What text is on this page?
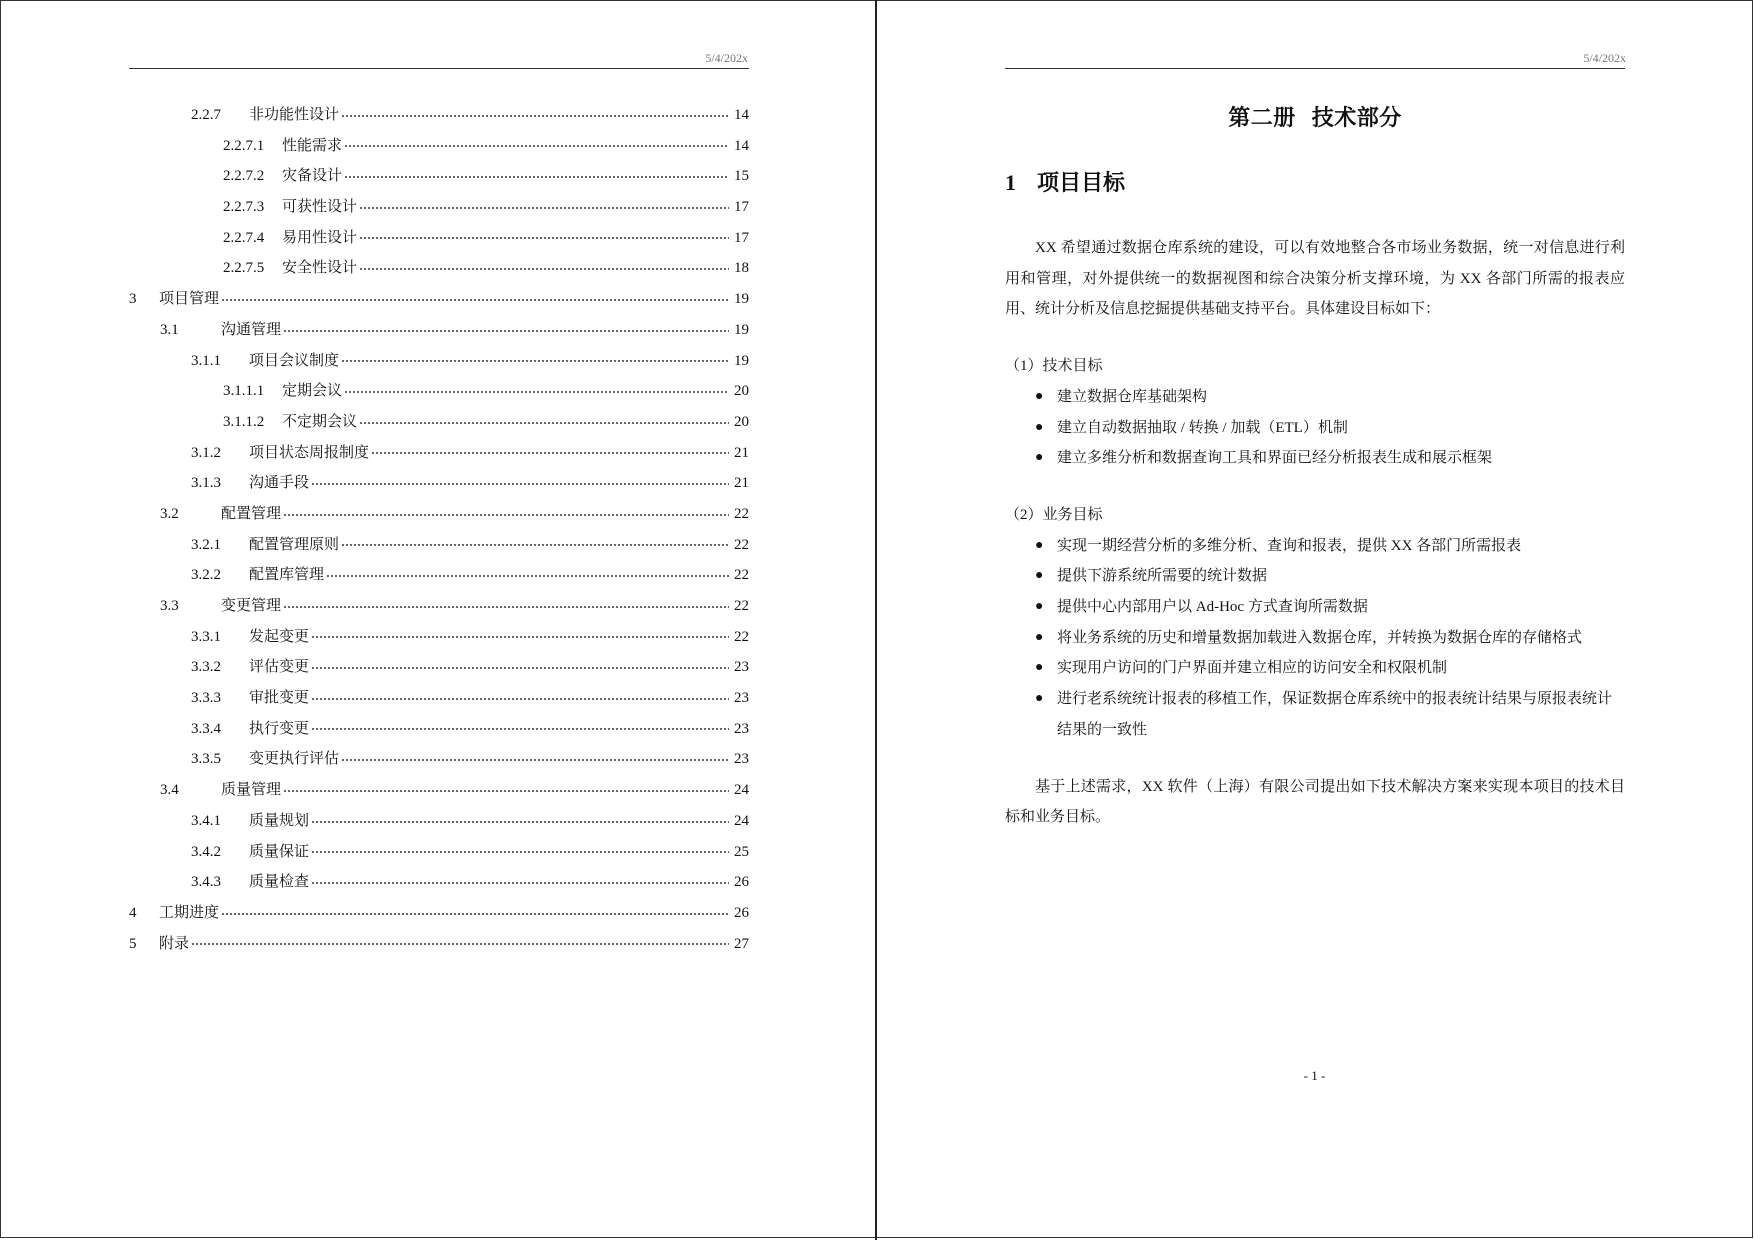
5/4/202x
2.2.7	非功能性设计	14
2.2.7.1	性能需求	14
2.2.7.2	灾备设计	15
2.2.7.3	可获性设计	17
2.2.7.4	易用性设计	17
2.2.7.5	安全性设计	18
3	项目管理	19
3.1	沟通管理	19
3.1.1	项目会议制度	19
3.1.1.1	定期会议	20
3.1.1.2	不定期会议	20
3.1.2	项目状态周报制度	21
3.1.3	沟通手段	21
3.2	配置管理	22
3.2.1	配置管理原则	22
3.2.2	配置库管理	22
3.3	变更管理	22
3.3.1	发起变更	22
3.3.2	评估变更	23
3.3.3	审批变更	23
3.3.4	执行变更	23
3.3.5	变更执行评估	23
3.4	质量管理	24
3.4.1	质量规划	24
3.4.2	质量保证	25
3.4.3	质量检查	26
4	工期进度	26
5	附录	27
5/4/202x
第二册 技术部分
1 项目目标

XX 希望通过数据仓库系统的建设，可以有效地整合各市场业务数据，统一对信息进行利用和管理，对外提供统一的数据视图和综合决策分析支撑环境，为 XX 各部门所需的报表应用、统计分析及信息挖掘提供基础支持平台。具体建设目标如下：

（1）技术目标
● 建立数据仓库基础架构
● 建立自动数据抽取 / 转换 / 加载（ETL）机制
● 建立多维分析和数据查询工具和界面已经分析报表生成和展示框架
（2）业务目标
● 实现一期经营分析的多维分析、查询和报表，提供 XX 各部门所需报表
● 提供下游系统所需要的统计数据
● 提供中心内部用户以 Ad-Hoc 方式查询所需数据
● 将业务系统的历史和增量数据加载进入数据仓库，并转换为数据仓库的存储格式
● 实现用户访问的门户界面并建立相应的访问安全和权限机制
● 进行老系统统计报表的移植工作，保证数据仓库系统中的报表统计结果与原报表统计结果的一致性

基于上述需求，XX 软件（上海）有限公司提出如下技术解决方案来实现本项目的技术目标和业务目标。

- 1 -
